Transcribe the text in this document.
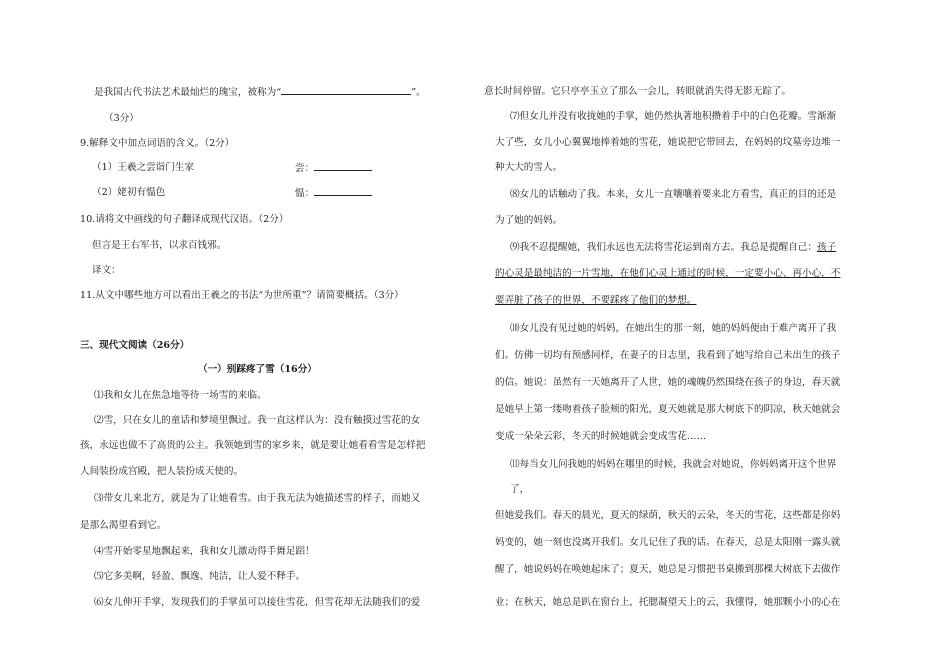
是我国古代书法艺术最灿烂的瑰宝，被称为“	”。
（3分）
9.解释文中加点词语的含义。（2分）
（1）王羲之尝诣门生家	尝：
（2）姥初有愠色	愠：
10.请将文中画线的句子翻译成现代汉语。（2分）
但言是王右军书，以求百钱邪。
译文：
11.从文中哪些地方可以看出王羲之的书法“为世所重”？请简要概括。（3分）
三、现代文阅读（26分）
（一）别踩疼了雪（16分）
⑴我和女儿在焦急地等待一场雪的来临。
⑵雪，只在女儿的童话和梦境里飘过。我一直这样认为：没有触摸过雪花的女
孩，永远也做不了高贵的公主。我领她到雪的家乡来，就是要让她看看雪是怎样把
人间装扮成宫殿，把人装扮成天使的。
⑶带女儿来北方，就是为了让她看雪。由于我无法为她描述雪的样子，而她又
是那么渴望看到它。
⑷雪开始零星地飘起来，我和女儿激动得手舞足蹈！
⑸它多美啊，轻盈、飘逸、纯洁，让人爱不释手。
⑹女儿伸开手掌，发现我们的手掌虽可以接住雪花，但雪花却无法随我们的爱
意长时间停留。它只亭亭玉立了那么一会儿，转眼就消失得无影无踪了。
⑺但女儿并没有收拢她的手掌，她仍然执著地积攒着手中的白色花瓣。雪渐渐
大了些，女儿小心翼翼地捧着她的雪花，她说把它带回去，在妈妈的坟墓旁边堆一
种大大的雪人。
⑻女儿的话触动了我。本来，女儿一直嚷嚷着要来北方看雪，真正的目的还是
为了她的妈妈。
⑼我不忍提醒她，我们永远也无法将雪花运到南方去。我总是提醒自己：孩子
的心灵是最纯洁的一片雪地，在他们心灵上通过的时候，一定要小心、再小心，不
要弄脏了孩子的世界，不要踩疼了他们的梦想。
⑽女儿没有见过她的妈妈，在她出生的那一刻，她的妈妈便由于难产离开了我
们。仿佛一切均有预感同样，在妻子的日志里，我看到了她写给自己未出生的孩子
的信。她说：虽然有一天她离开了人世，她的魂魄仍然围绕在孩子的身边，春天就
是她早上第一缕吻着孩子脸颊的阳光，夏天她就是那大树底下的阴凉，秋天她就会
变成一朵朵云彩，冬天的时候她就会变成雪花……
⑾每当女儿问我她的妈妈在哪里的时候，我就会对她说，你妈妈离开这个世界
了，
但她爱我们。春天的晨光，夏天的绿荫，秋天的云朵，冬天的雪花，这些都是你妈
妈变的，她一刻也没离开我们。女儿记住了我的话。在春天，总是太阳刚一露头就
醒了，她说妈妈在唤她起床了；夏天，她总是习惯把书桌搬到那棵大树底下去做作
业；在秋天，她总是趴在窗台上，托腮凝望天上的云，我懂得，她那颗小小的心在
